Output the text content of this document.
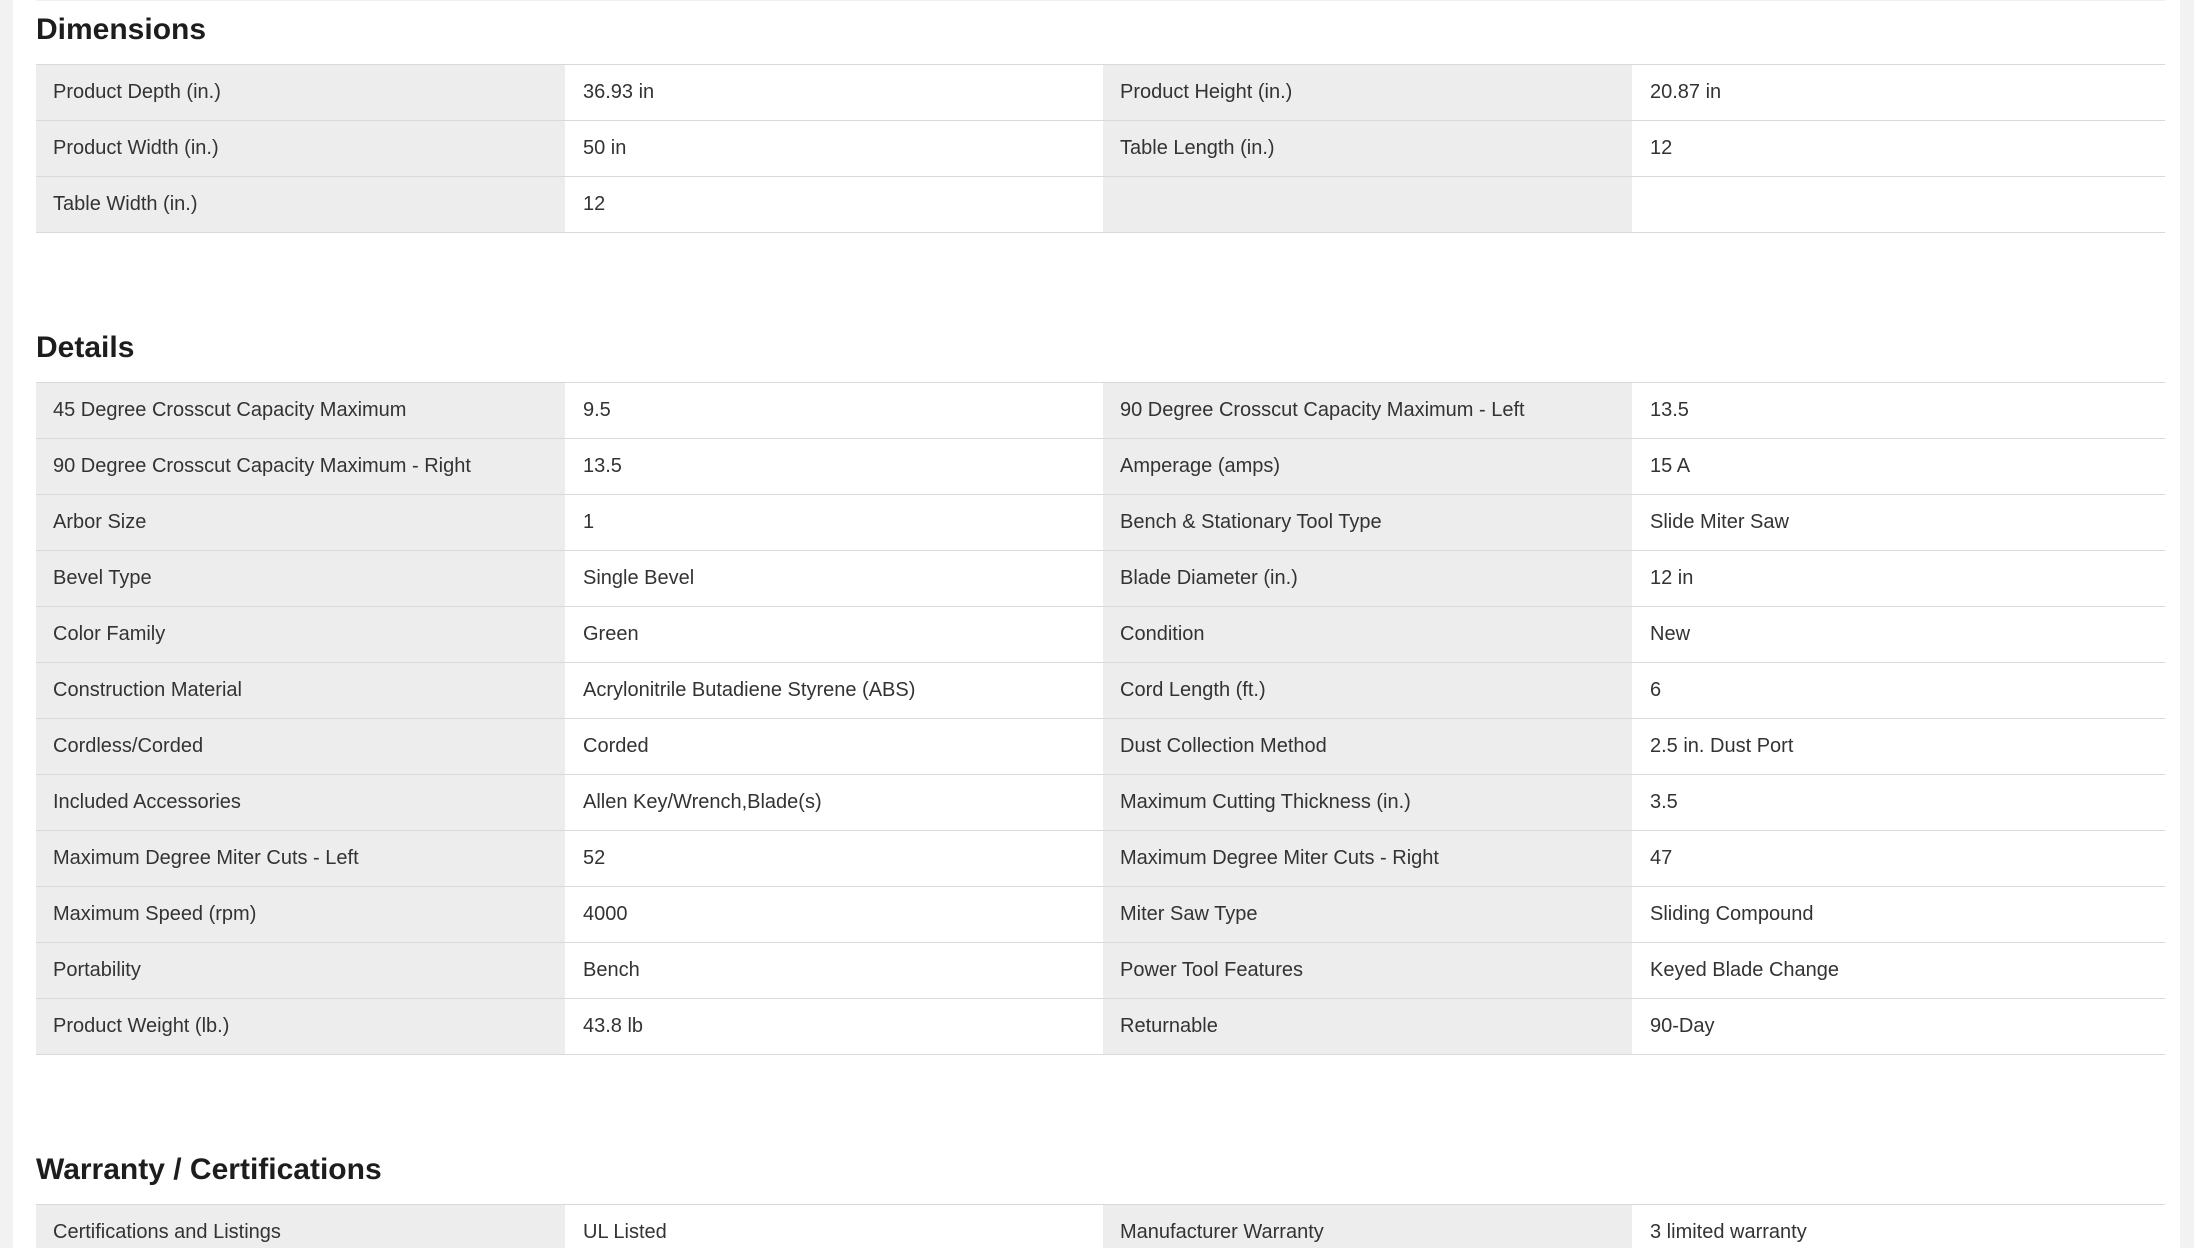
Dimensions
Product Depth (in.)	36.93 in	Product Height (in.)	20.87 in
Product Width (in.)	50 in	Table Length (in.)	12
Table Width (in.)	12
Details
45 Degree Crosscut Capacity Maximum	9.5	90 Degree Crosscut Capacity Maximum - Left	13.5
90 Degree Crosscut Capacity Maximum - Right	13.5	Amperage (amps)	15 A
Arbor Size	1	Bench & Stationary Tool Type	Slide Miter Saw
Bevel Type	Single Bevel	Blade Diameter (in.)	12 in
Color Family	Green	Condition	New
Construction Material	Acrylonitrile Butadiene Styrene (ABS)	Cord Length (ft.)	6
Cordless/Corded	Corded	Dust Collection Method	2.5 in. Dust Port
Included Accessories	Allen Key/Wrench,Blade(s)	Maximum Cutting Thickness (in.)	3.5
Maximum Degree Miter Cuts - Left	52	Maximum Degree Miter Cuts - Right	47
Maximum Speed (rpm)	4000	Miter Saw Type	Sliding Compound
Portability	Bench	Power Tool Features	Keyed Blade Change
Product Weight (lb.)	43.8 lb	Returnable	90-Day
Warranty / Certifications
Certifications and Listings	UL Listed	Manufacturer Warranty	3 limited warranty
